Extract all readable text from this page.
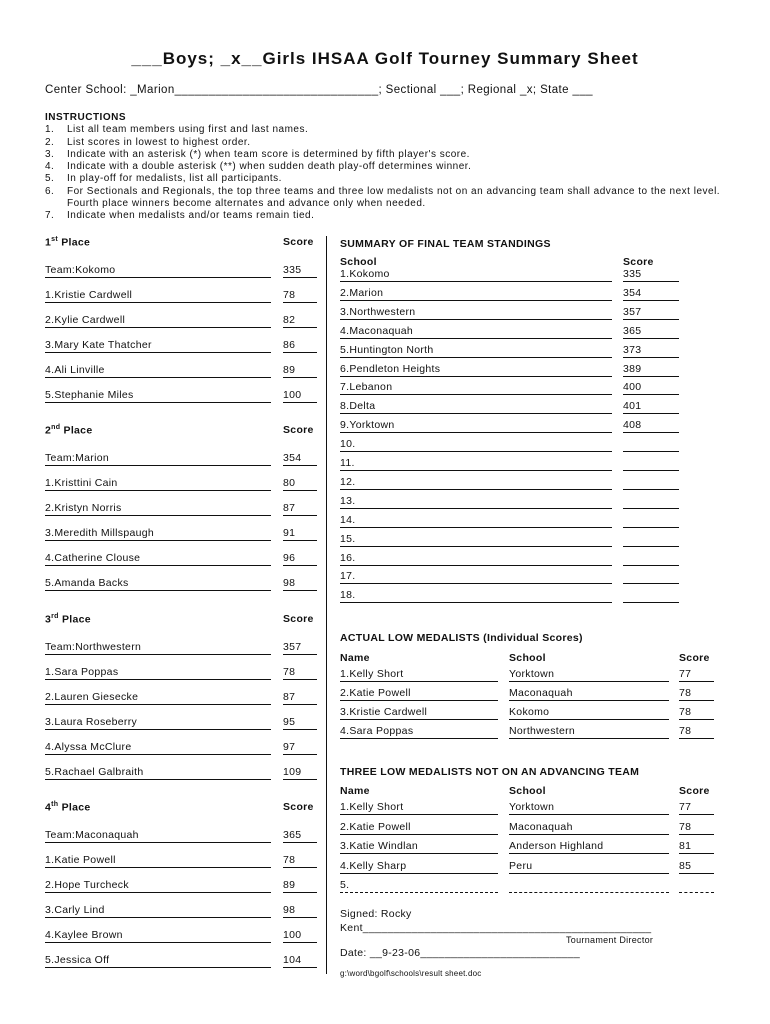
___Boys; _x__Girls IHSAA Golf Tourney Summary Sheet
Center School: _Marion______________________________; Sectional ___; Regional _x; State ___
INSTRUCTIONS
1.	List all team members using first and last names.
2.	List scores in lowest to highest order.
3.	Indicate with an asterisk (*) when team score is determined by fifth player's score.
4.	Indicate with a double asterisk (**) when sudden death play-off determines winner.
5.	In play-off for medalists, list all participants.
6.	For Sectionals and Regionals, the top three teams and three low medalists not on an advancing team shall advance to the next level. Fourth place winners become alternates and advance only when needed.
7.	Indicate when medalists and/or teams remain tied.
1st Place	Score
Team:Kokomo	335
1.Kristie Cardwell	78
2.Kylie Cardwell	82
3.Mary Kate Thatcher	86
4.Ali Linville	89
5.Stephanie Miles	100
2nd Place	Score
Team:Marion	354
1.Kristtini Cain	80
2.Kristyn Norris	87
3.Meredith Millspaugh	91
4.Catherine Clouse	96
5.Amanda Backs	98
3rd Place	Score
Team:Northwestern	357
1.Sara Poppas	78
2.Lauren Giesecke	87
3.Laura Roseberry	95
4.Alyssa McClure	97
5.Rachael Galbraith	109
4th Place	Score
Team:Maconaquah	365
1.Katie Powell	78
2.Hope Turcheck	89
3.Carly Lind	98
4.Kaylee Brown	100
5.Jessica Off	104
SUMMARY OF FINAL TEAM STANDINGS
School	Score
1.Kokomo	335
2.Marion	354
3.Northwestern	357
4.Maconaquah	365
5.Huntington North	373
6.Pendleton Heights	389
7.Lebanon	400
8.Delta	401
9.Yorktown	408
10.
11.
12.
13.
14.
15.
16.
17.
18.
ACTUAL LOW MEDALISTS (Individual Scores)
Name	School	Score
1.Kelly Short	Yorktown	77
2.Katie Powell	Maconaquah	78
3.Kristie Cardwell	Kokomo	78
4.Sara Poppas	Northwestern	78
THREE LOW MEDALISTS NOT ON AN ADVANCING TEAM
Name	School	Score
1.Kelly Short	Yorktown	77
2.Katie Powell	Maconaquah	78
3.Katie Windlan	Anderson Highland	81
4.Kelly Sharp	Peru	85
5.
Signed: Rocky
Kent_______________________________________________
Tournament Director
Date: __9-23-06__________________________
g:\word\bgolf\schools\result sheet.doc
